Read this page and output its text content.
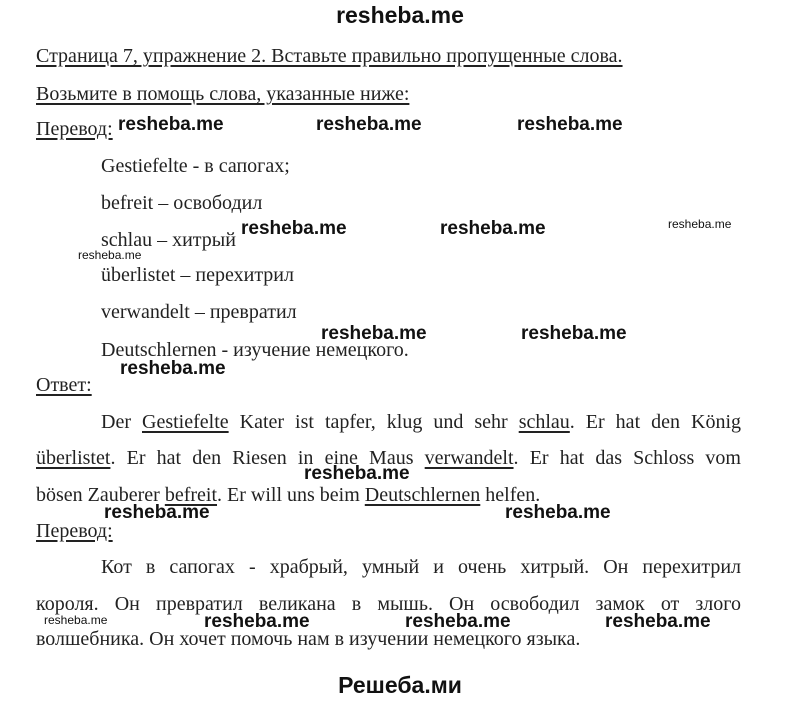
resheba.me
Страница 7, упражнение 2. Вставьте правильно пропущенные слова.
Возьмите в помощь слова, указанные ниже:
Перевод:
Gestiefelte - в сапогах;
befreit – освободил
schlau – хитрый
überlistet – перехитрил
verwandelt – превратил
Deutschlernen - изучение немецкого.
Ответ:
Der Gestiefelte Kater ist tapfer, klug und sehr schlau. Er hat den König
überlistet. Er hat den Riesen in eine Maus verwandelt. Er hat das Schloss vom
bösen Zauberer befreit. Er will uns beim Deutschlernen helfen.
Перевод:
Кот в сапогах - храбрый, умный и очень хитрый. Он перехитрил
короля. Он превратил великана в мышь. Он освободил замок от злого
волшебника. Он хочет помочь нам в изучении немецкого языка.
Решеба.ми
resheba.me	resheba.me	resheba.me
resheba.me	resheba.me	resheba.me
resheba.me
resheba.me	resheba.me
resheba.me
resheba.me
resheba.me	resheba.me
resheba.me	resheba.me	resheba.me	resheba.me
